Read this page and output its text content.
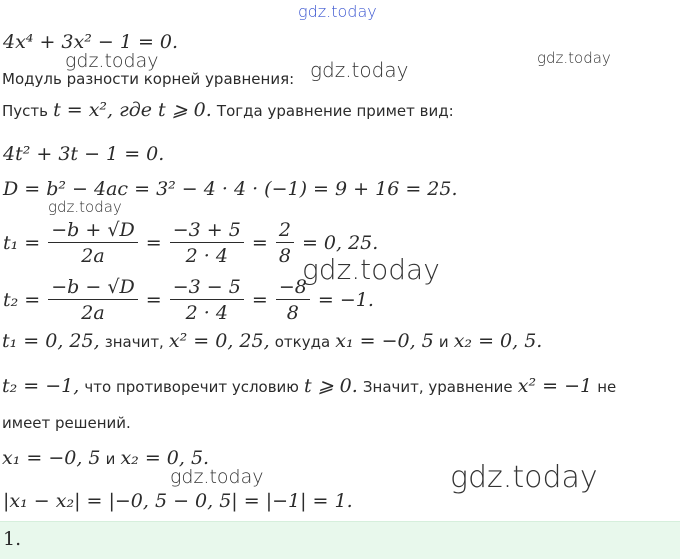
gdz.today
gdz.today	gdz.today	gdz.today
gdz.today
gdz.today
gdz.today	gdz.today
4x⁴ + 3x² − 1 = 0.
Модуль разности корней уравнения:
Пусть t = x², где t ⩾ 0. Тогда уравнение примет вид:
4t² + 3t − 1 = 0.
D = b² − 4ac = 3² − 4 · 4 · (−1) = 9 + 16 = 25.
$t_1 = \frac{-b + √D}{2a} = \frac{-3 + 5}{2 \cdot 4} = \frac{2}{8} = 0$, 25.
$t_2 = \frac{-b - √D}{2a} = \frac{-3 - 5}{2 \cdot 4} = \frac{-8}{8} = -1$.
t₁ = 0, 25, значит, x² = 0, 25, откуда x₁ = −0, 5 и x₂ = 0, 5.
t₂ = −1, что противоречит условию t ⩾ 0. Значит, уравнение x² = −1 не
имеет решений.
x₁ = −0, 5 и x₂ = 0, 5.
|x₁ − x₂| = |−0, 5 − 0, 5| = |−1| = 1.
1.
